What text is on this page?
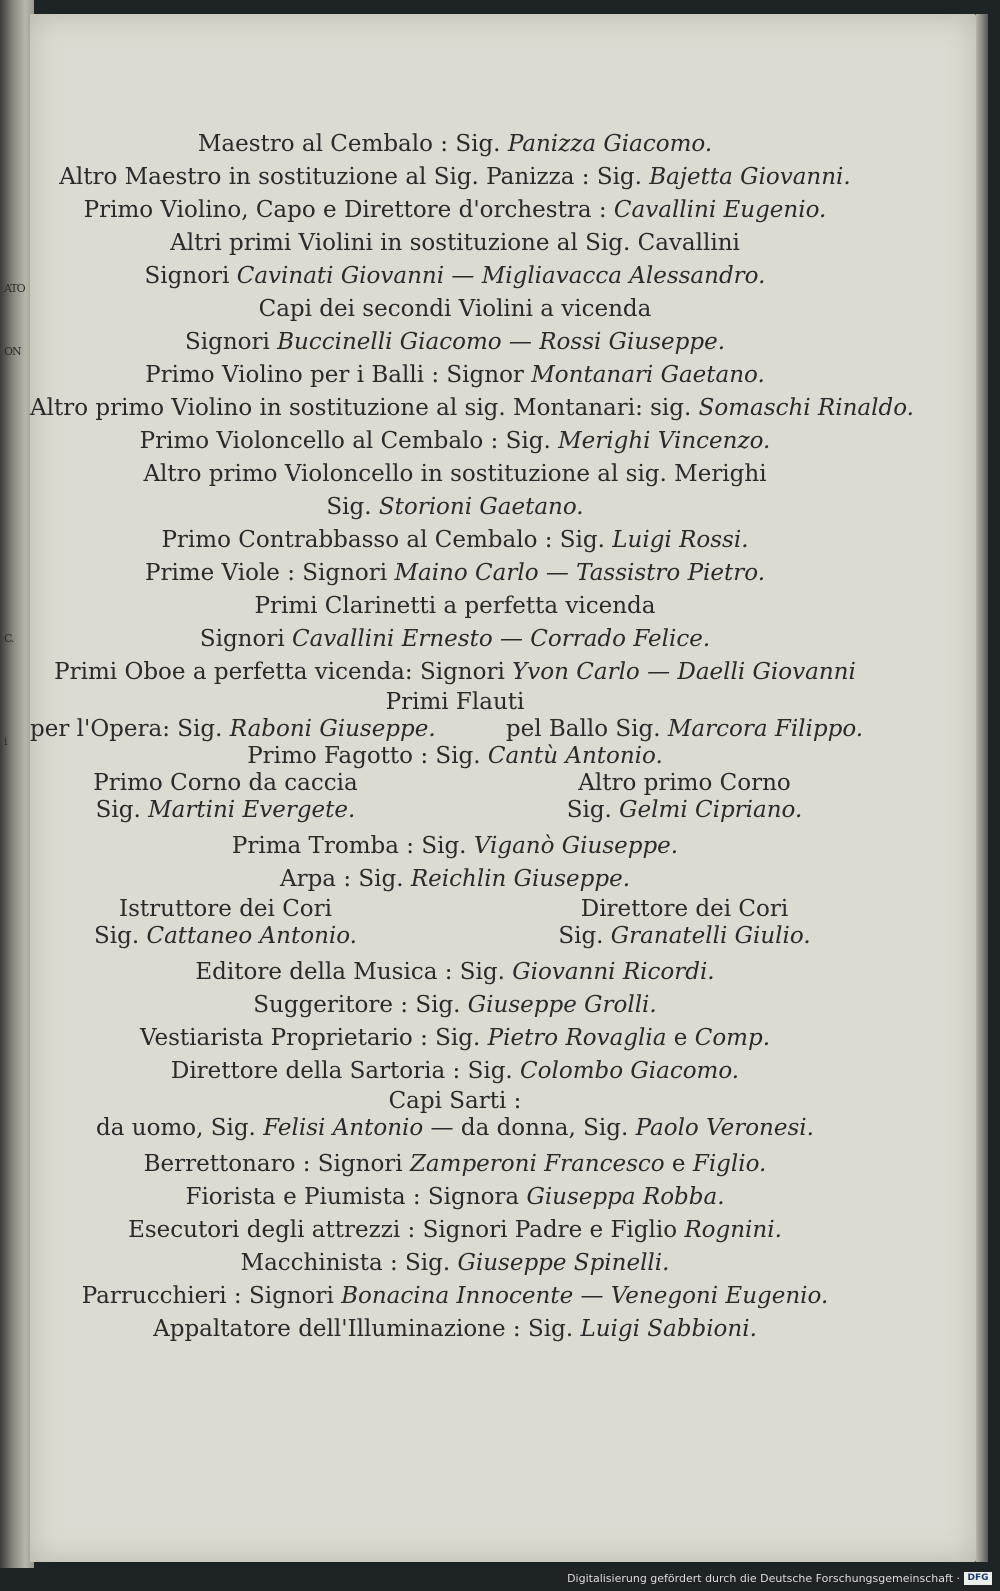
ATO
ON
C.
i
Maestro al Cembalo : Sig. Panizza Giacomo.
Altro Maestro in sostituzione al Sig. Panizza : Sig. Bajetta Giovanni.
Primo Violino, Capo e Direttore d'orchestra : Cavallini Eugenio.
Altri primi Violini in sostituzione al Sig. Cavallini
Signori Cavinati Giovanni — Migliavacca Alessandro.
Capi dei secondi Violini a vicenda
Signori Buccinelli Giacomo — Rossi Giuseppe.
Primo Violino per i Balli : Signor Montanari Gaetano.
Altro primo Violino in sostituzione al sig. Montanari: sig. Somaschi Rinaldo.
Primo Violoncello al Cembalo : Sig. Merighi Vincenzo.
Altro primo Violoncello in sostituzione al sig. Merighi
Sig. Storioni Gaetano.
Primo Contrabbasso al Cembalo : Sig. Luigi Rossi.
Prime Viole : Signori Maino Carlo — Tassistro Pietro.
Primi Clarinetti a perfetta vicenda
Signori Cavallini Ernesto — Corrado Felice.
Primi Oboe a perfetta vicenda: Signori Yvon Carlo — Daelli Giovanni
Primi Flauti
per l'Opera: Sig. Raboni Giuseppe.	pel Ballo Sig. Marcora Filippo.
Primo Fagotto : Sig. Cantù Antonio.
Primo Corno da caccia	Altro primo Corno
Sig. Martini Evergete.	Sig. Gelmi Cipriano.
Prima Tromba : Sig. Viganò Giuseppe.
Arpa : Sig. Reichlin Giuseppe.
Istruttore dei Cori	Direttore dei Cori
Sig. Cattaneo Antonio.	Sig. Granatelli Giulio.
Editore della Musica : Sig. Giovanni Ricordi.
Suggeritore : Sig. Giuseppe Grolli.
Vestiarista Proprietario : Sig. Pietro Rovaglia e Comp.
Direttore della Sartoria : Sig. Colombo Giacomo.
Capi Sarti :
da uomo, Sig. Felisi Antonio — da donna, Sig. Paolo Veronesi.
Berrettonaro : Signori Zamperoni Francesco e Figlio.
Fiorista e Piumista : Signora Giuseppa Robba.
Esecutori degli attrezzi : Signori Padre e Figlio Rognini.
Macchinista : Sig. Giuseppe Spinelli.
Parrucchieri : Signori Bonacina Innocente — Venegoni Eugenio.
Appaltatore dell'Illuminazione : Sig. Luigi Sabbioni.
Digitalisierung gefördert durch die Deutsche Forschungsgemeinschaft · DFG
